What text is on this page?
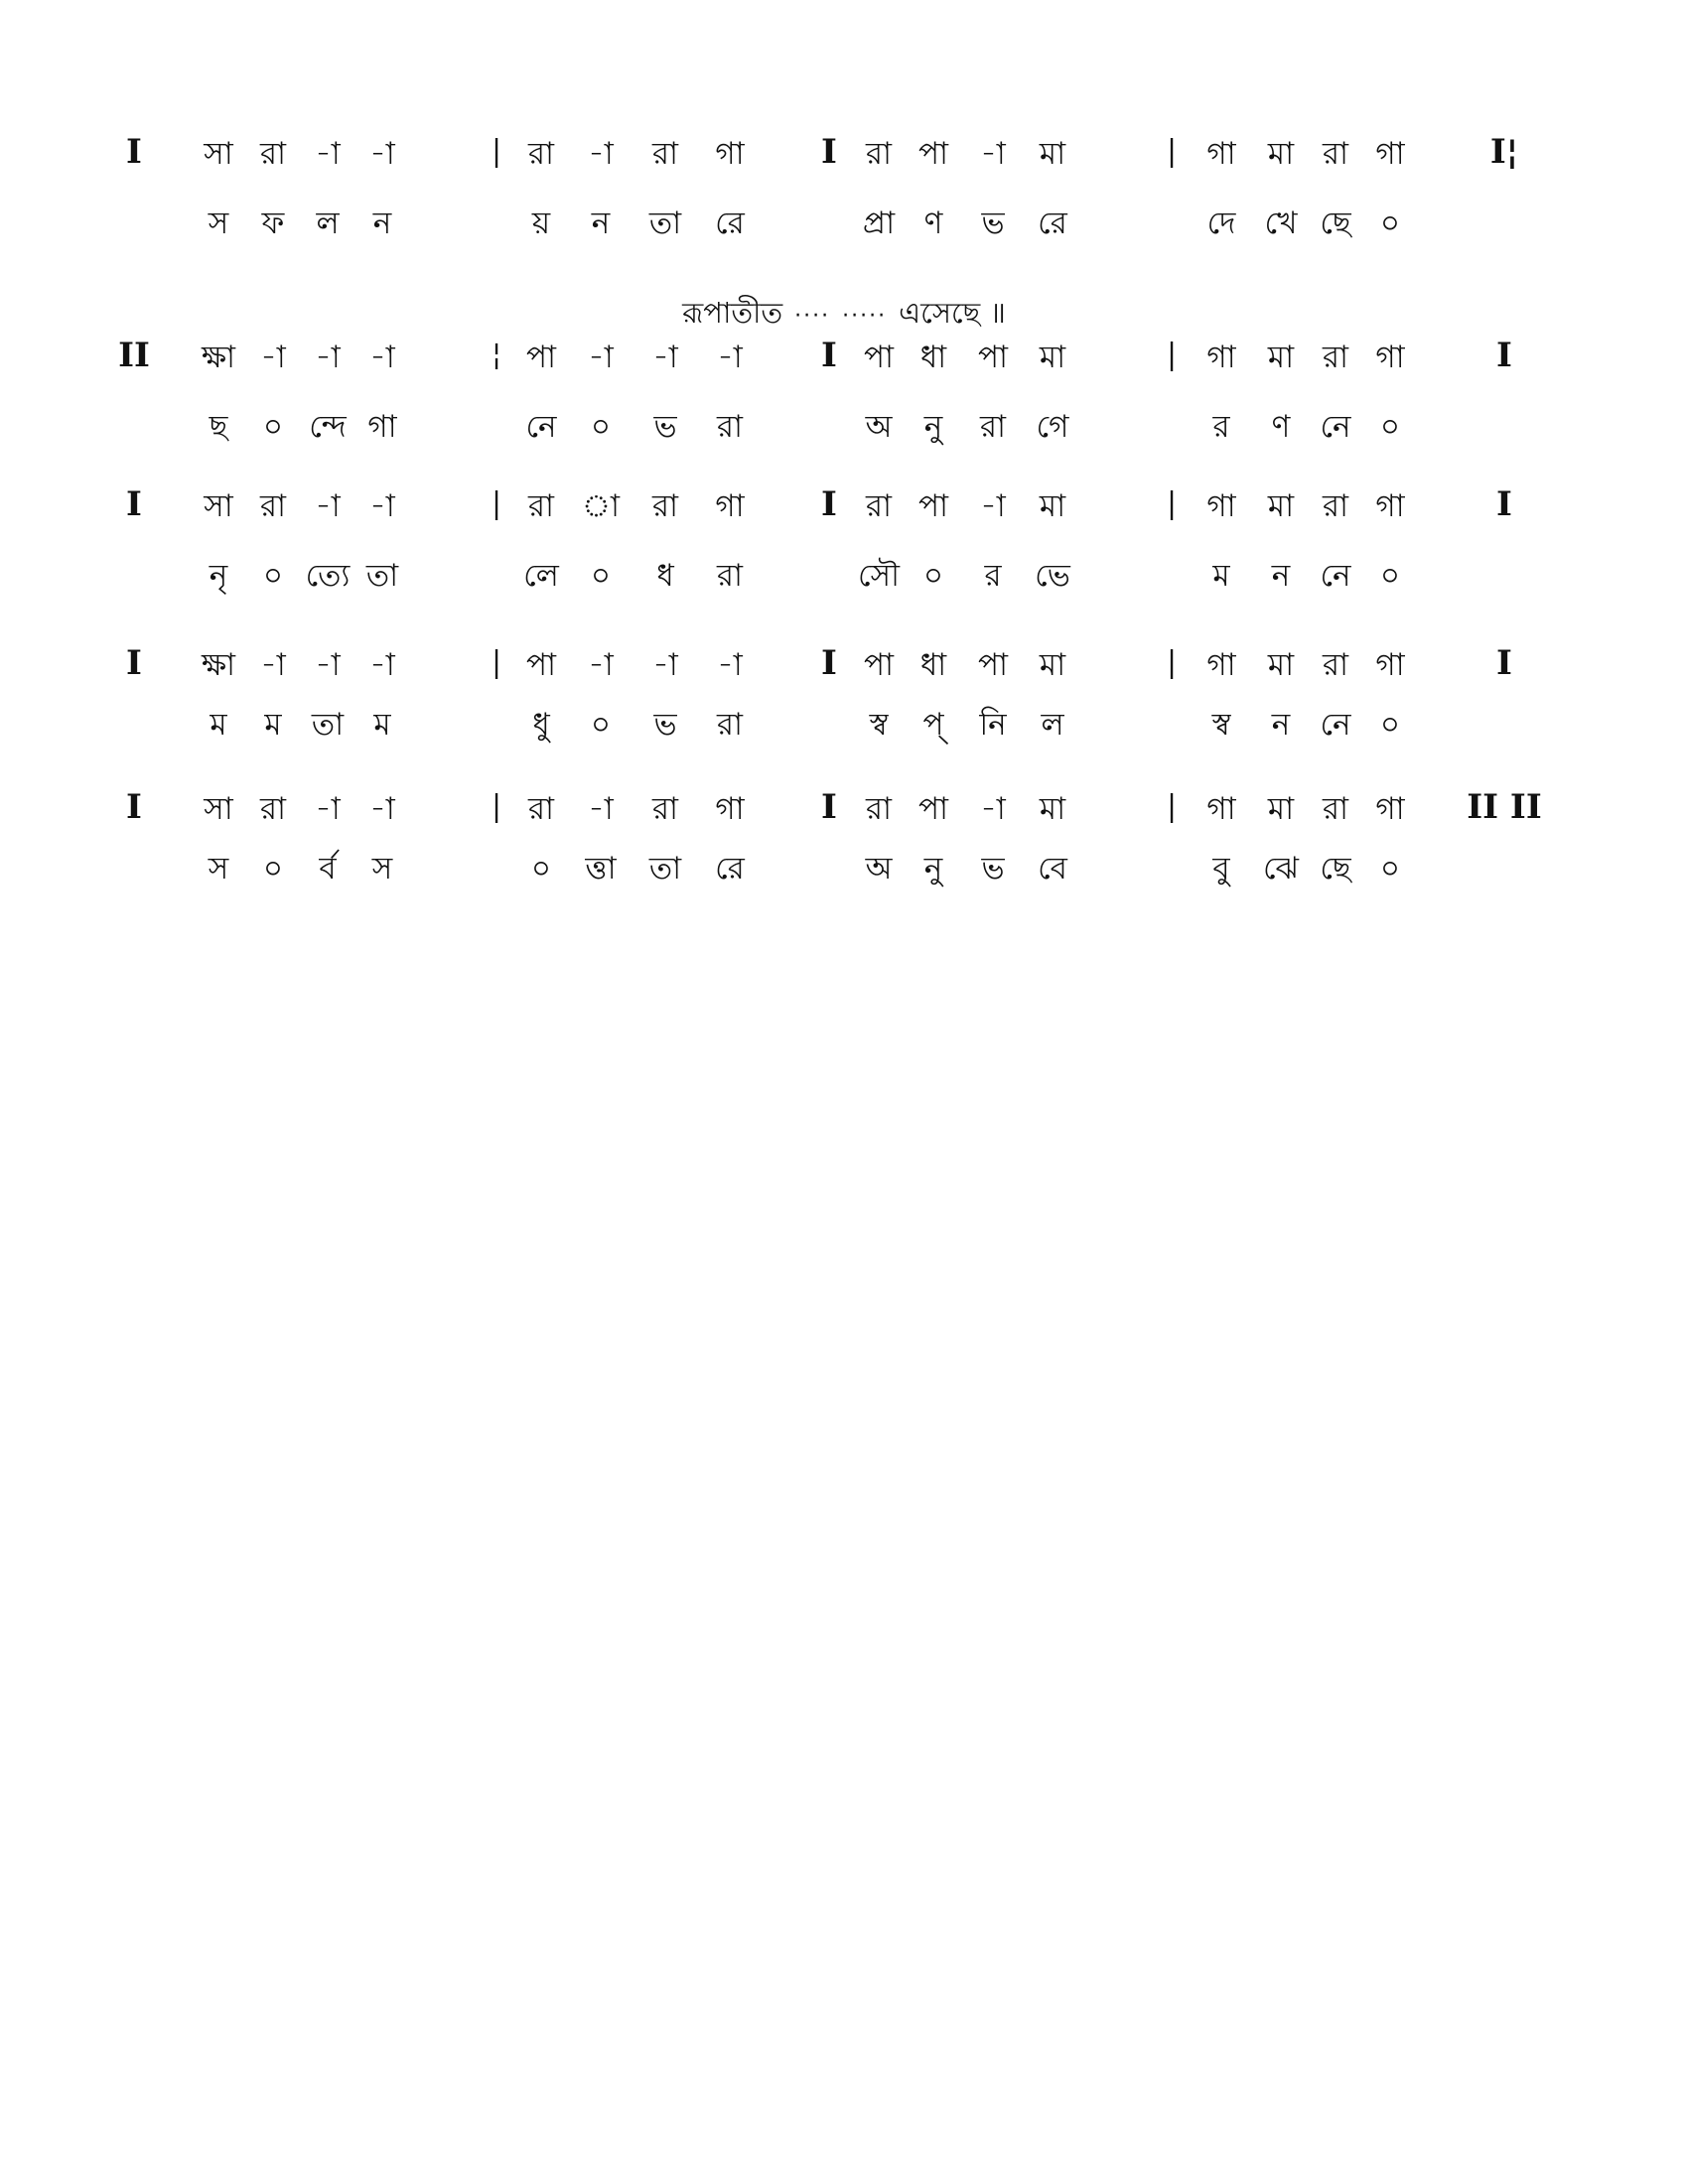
I	|	I	|	I¦
সা রা -া -া	রা -া রা গা	রা পা -া মা	গা মা রা গা
স ফ ল ন	য় ন তা রে	প্রা ণ ভ রে	দে খে ছে ০
রূপাতীত ···· ····· এসেছে ॥
II	¦	I	|	I
ক্ষা -া -া -া	পা -া -া -া	পা ধা পা মা	গা মা রা গা
ছ ০ ন্দে গা	নে ০ ভ রা	অ নু রা গে	র ণ নে ০
I	|	I	|	I
সা রা -া -া	রা া রা গা	রা পা -া মা	গা মা রা গা
নৃ ০ ত্যে তা	লে ০ ধ রা	সৌ ০ র ভে	ম ন নে ০
I	|	I	|	I
ক্ষা -া -া -া	পা -া -া -া	পা ধা পা মা	গা মা রা গা
ম ম তা ম	ধু ০ ভ রা	স্ব প্ নি ল	স্ব ন নে ০
I	|	I	|	II II
সা রা -া -া	রা -া রা গা	রা পা -া মা	গা মা রা গা
স ০ র্ব স	০ ত্তা তা রে	অ নু ভ বে	বু ঝে ছে ০
